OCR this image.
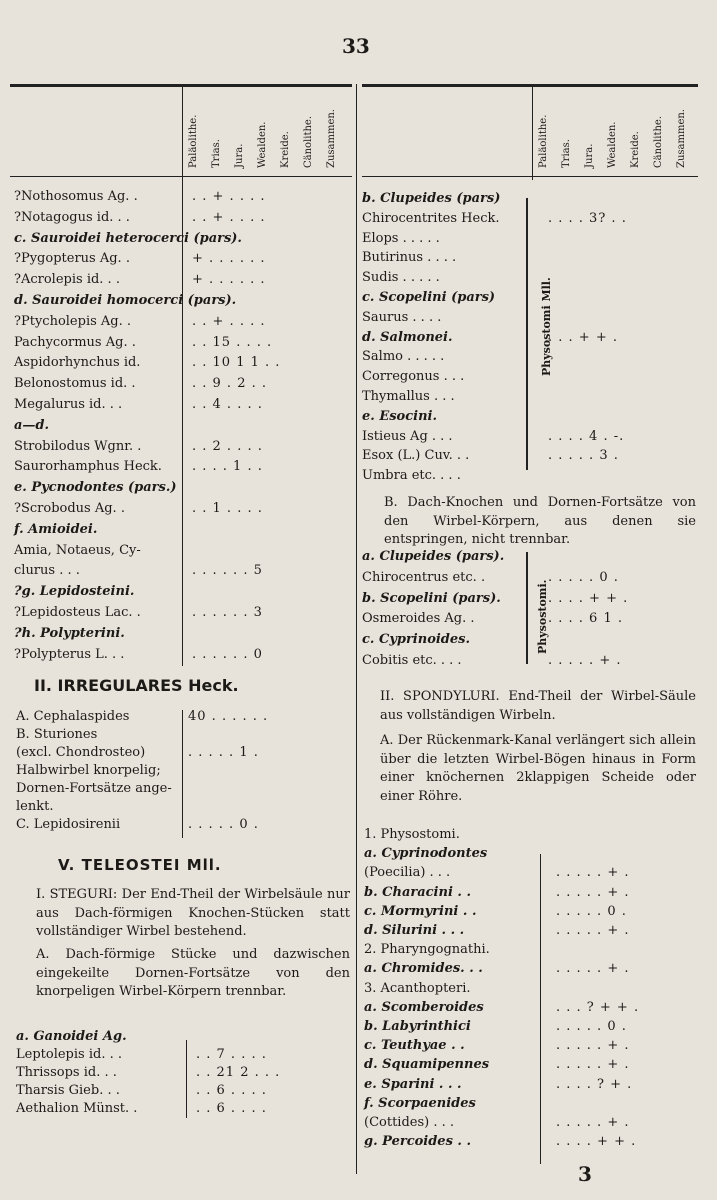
33
Paläolithe. Trias. Jura. Wealden. Kreide. Cänolithe. Zusammen.	Paläolithe. Trias. Jura. Wealden. Kreide. Cänolithe. Zusammen.
?Nothosomus Ag. .	. . + . . . .
?Notagogus id. . .	. . + . . . .
c. Sauroidei heterocerci (pars).
?Pygopterus Ag. .	+ . . . . . .
?Acrolepis id. . .	+ . . . . . .
d. Sauroidei homocerci (pars).
?Ptycholepis Ag. .	. . + . . . .
Pachycormus Ag. .	. . 15 . . . .
Aspidorhynchus id.	. . 10 1 1 . .
Belonostomus id. .	. . 9 . 2 . .
Megalurus id. . .	. . 4 . . . .
a—d.
Strobilodus Wgnr. .	. . 2 . . . .
Saurorhamphus Heck. . . . . 1 . .
e. Pycnodontes (pars.)
?Scrobodus Ag. .	. . 1 . . . .
f. Amioidei.
Amia, Notaeus, Cy-
clurus . . .	. . . . . . 5
?g. Lepidosteini.
?Lepidosteus Lac. .	. . . . . . 3
?h. Polypterini.
?Polypterus L. . .	. . . . . . 0
II. IRREGULARES Heck.
A. Cephalaspides	40 . . . . . .
B. Sturiones
(excl. Chondrosteo)	. . . . . 1 .
Halbwirbel knorpelig;
Dornen-Fortsätze ange-
lenkt.
C. Lepidosirenii	. . . . . 0 .
V. TELEOSTEI Mll.
I. STEGURI: Der End-Theil der Wirbelsäule nur aus Dach-förmigen Knochen-Stücken statt vollständiger Wirbel bestehend.
A. Dach-förmige Stücke und dazwischen eingekeilte Dornen-Fortsätze von den knorpeligen Wirbel-Körpern trennbar.
a. Ganoidei Ag.
Leptolepis id. . .	. . 7 . . . .
Thrissops id. . .	. . 21 2 . . .
Tharsis Gieb. . .	. . 6 . . . .
Aethalion Münst. .	. . 6 . . . .
b. Clupeides (pars)
Chirocentrites Heck.	. . . . 3? . .
Elops . . . . .
Butirinus . . . .
Sudis . . . . .
c. Scopelini (pars)
Saurus . . . .
d. Salmonei.	. . . + + .
Salmo . . . . .
Corregonus . . .
Thymallus . . .
e. Esocini.
Istieus Ag . . .	. . . . 4 . -.
Esox (L.) Cuv. . .	. . . . . 3 .
Umbra etc. . . .
Physostomi Mll.
B. Dach-Knochen und Dornen-Fortsätze von den Wirbel-Körpern, aus denen sie entspringen, nicht trennbar.
a. Clupeides (pars).
Chirocentrus etc. .	. . . . . 0 .
b. Scopelini (pars).	. . . . + + .
Osmeroides Ag. .	. . . . 6 1 .
c. Cyprinoides.
Cobitis etc. . . .	. . . . . + .
Physostomi.
II. SPONDYLURI. End-Theil der Wirbel-Säule aus vollständigen Wirbeln.
A. Der Rückenmark-Kanal verlängert sich allein über die letzten Wirbel-Bögen hinaus in Form einer knöchernen 2klappigen Scheide oder einer Röhre.
1. Physostomi.
a. Cyprinodontes
(Poecilia) . . .	. . . . . + .
b. Characini . .	. . . . . + .
c. Mormyrini . .	. . . . . 0 .
d. Silurini . . .	. . . . . + .
2. Pharyngognathi.
a. Chromides. . .	. . . . . + .
3. Acanthopteri.
a. Scomberoides	. . . ? + + .
b. Labyrinthici	. . . . . 0 .
c. Teuthyae . .	. . . . . + .
d. Squamipennes	. . . . . + .
e. Sparini . . .	. . . . ? + .
f. Scorpaenides
(Cottides) . . .	. . . . . + .
g. Percoides . .	. . . . + + .
3
